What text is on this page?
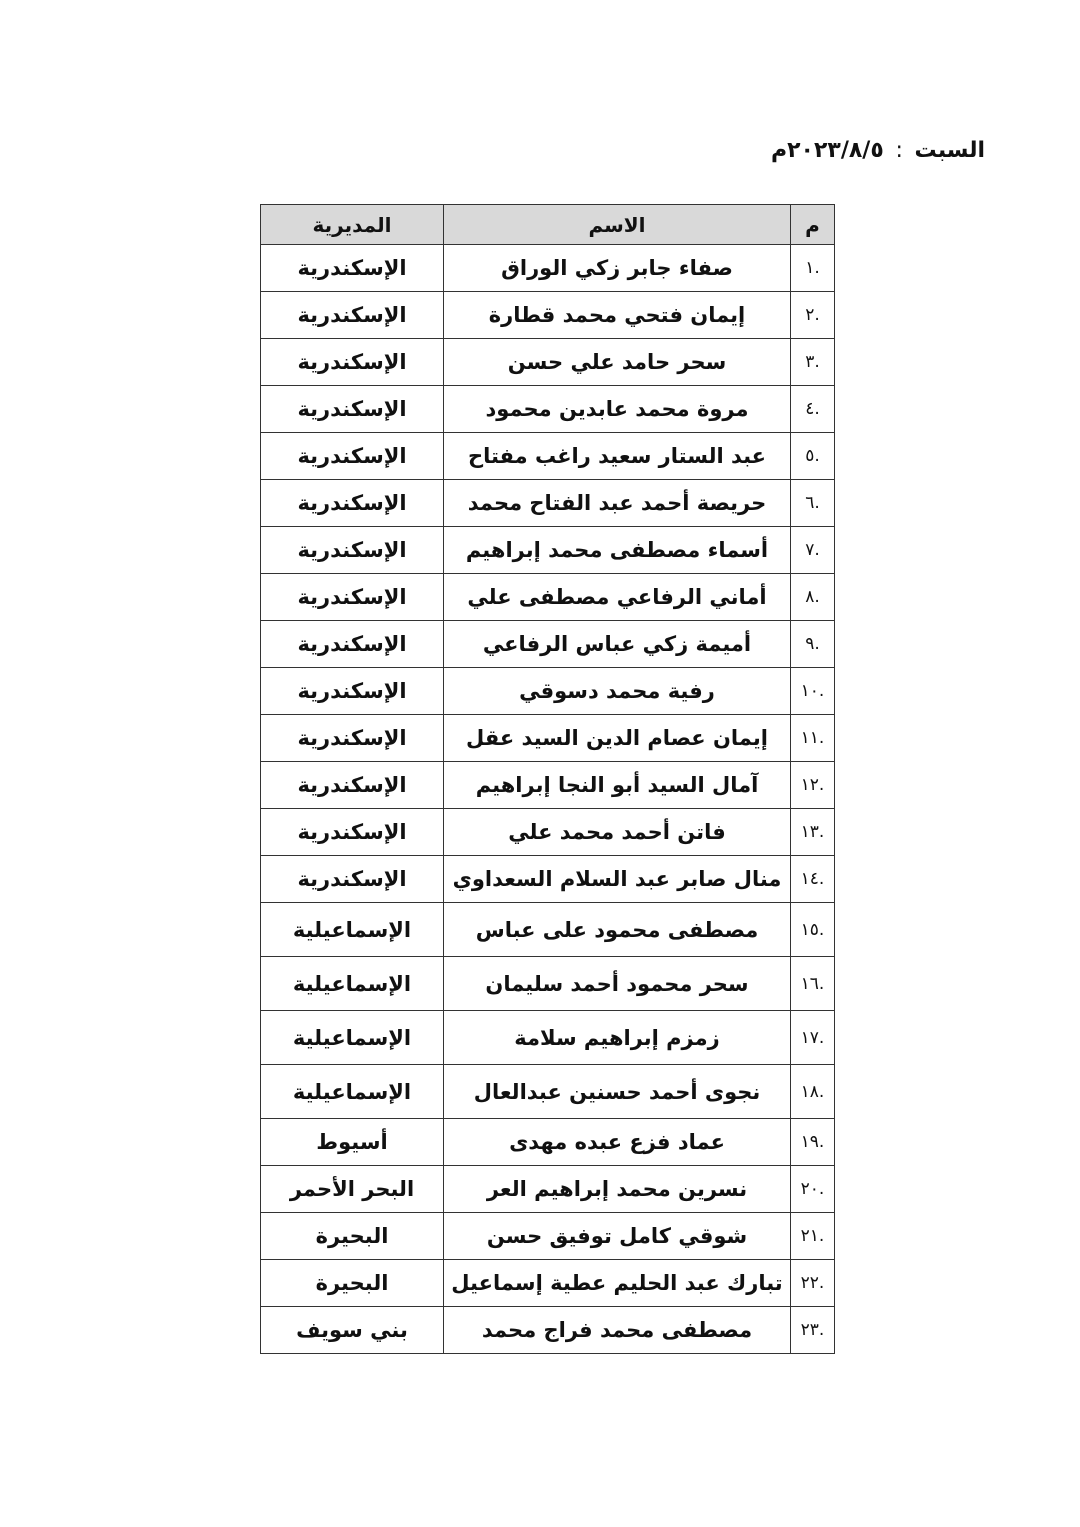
السبت : ٢٠٢٣/٨/٥م
م	الاسم	المديرية
.١	صفاء جابر زكي الوراق	الإسكندرية
.٢	إيمان فتحي محمد قطارة	الإسكندرية
.٣	سحر حامد علي حسن	الإسكندرية
.٤	مروة محمد عابدين محمود	الإسكندرية
.٥	عبد الستار سعيد راغب مفتاح	الإسكندرية
.٦	حريصة أحمد عبد الفتاح محمد	الإسكندرية
.٧	أسماء مصطفى محمد إبراهيم	الإسكندرية
.٨	أماني الرفاعي مصطفى علي	الإسكندرية
.٩	أميمة زكي عباس الرفاعي	الإسكندرية
.١٠	رفية محمد دسوقي	الإسكندرية
.١١	إيمان عصام الدين السيد عقل	الإسكندرية
.١٢	آمال السيد أبو النجا إبراهيم	الإسكندرية
.١٣	فاتن أحمد محمد علي	الإسكندرية
.١٤	منال صابر عبد السلام السعداوي	الإسكندرية
.١٥	مصطفى محمود على عباس	الإسماعيلية
.١٦	سحر محمود أحمد سليمان	الإسماعيلية
.١٧	زمزم إبراهيم سلامة	الإسماعيلية
.١٨	نجوى أحمد حسنين عبدالعال	الإسماعيلية
.١٩	عماد فزع عبده مهدى	أسيوط
.٢٠	نسرين محمد إبراهيم العر	البحر الأحمر
.٢١	شوقي كامل توفيق حسن	البحيرة
.٢٢	تبارك عبد الحليم عطية إسماعيل	البحيرة
.٢٣	مصطفى محمد فراج محمد	بني سويف
